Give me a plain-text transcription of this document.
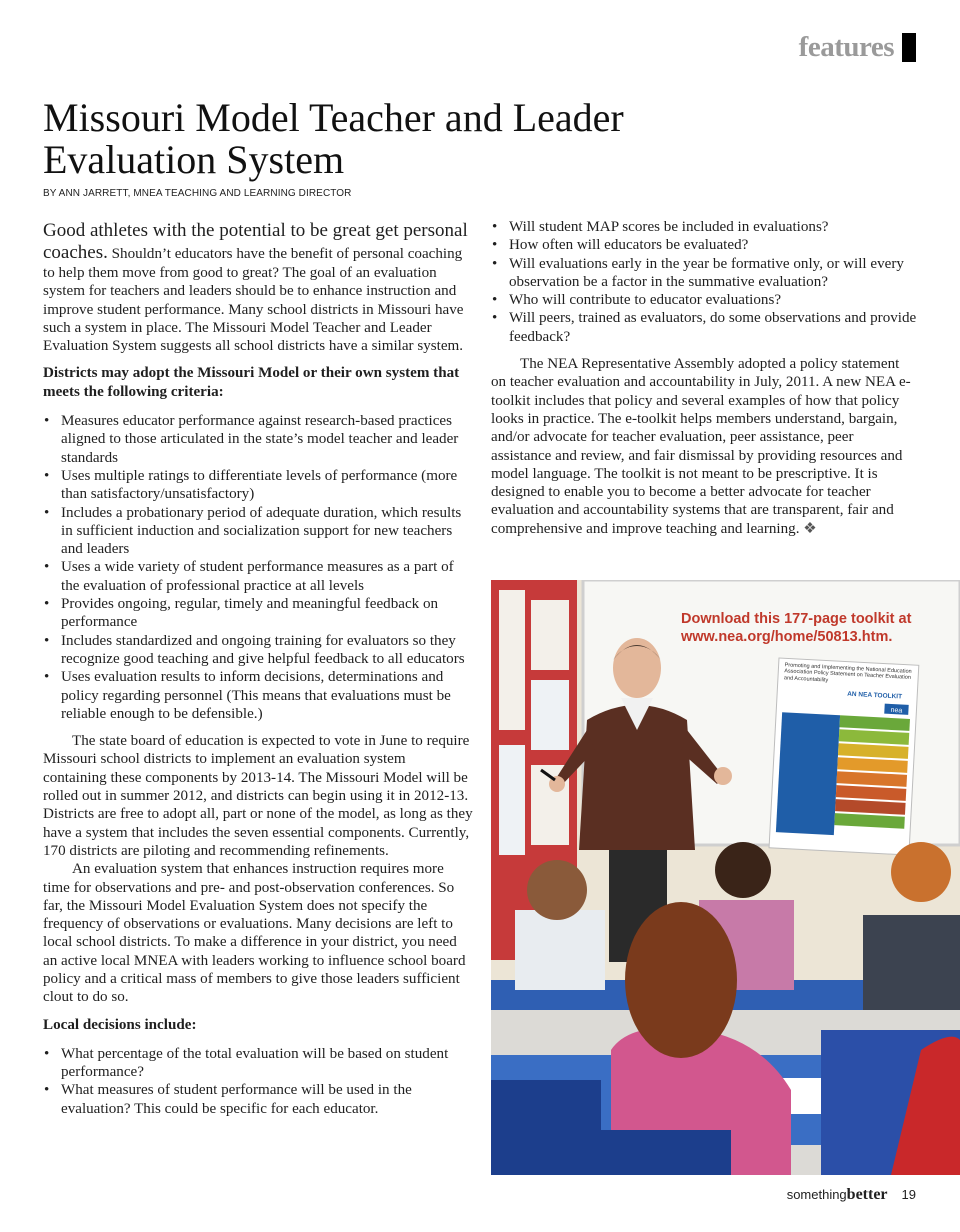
features
Missouri Model Teacher and Leader Evaluation System
BY ANN JARRETT, MNEA TEACHING AND LEARNING DIRECTOR

Good athletes with the potential to be great get personal coaches. Shouldn’t educators have the benefit of personal coaching to help them move from good to great? The goal of an evaluation system for teachers and leaders should be to enhance instruction and improve student performance. Many school districts in Missouri have such a system in place. The Missouri Model Teacher and Leader Evaluation System suggests all school districts have a similar system.

Districts may adopt the Missouri Model or their own system that meets the following criteria:

• Measures educator performance against research-based practices aligned to those articulated in the state’s model teacher and leader standards
• Uses multiple ratings to differentiate levels of performance (more than satisfactory/unsatisfactory)
• Includes a probationary period of adequate duration, which results in sufficient induction and socialization support for new teachers and leaders
• Uses a wide variety of student performance measures as a part of the evaluation of professional practice at all levels
• Provides ongoing, regular, timely and meaningful feedback on performance
• Includes standardized and ongoing training for evaluators so they recognize good teaching and give helpful feedback to all educators
• Uses evaluation results to inform decisions, determinations and policy regarding personnel (This means that evaluations must be reliable enough to be defensible.)

The state board of education is expected to vote in June to require Missouri school districts to implement an evaluation system containing these components by 2013-14. The Missouri Model will be rolled out in summer 2012, and districts can begin using it in 2012-13. Districts are free to adopt all, part or none of the model, as long as they have a system that includes the seven essential components. Currently, 170 districts are piloting and recommending refinements.

An evaluation system that enhances instruction requires more time for observations and pre- and post-observation conferences. So far, the Missouri Model Evaluation System does not specify the frequency of observations or evaluations. Many decisions are left to local school districts. To make a difference in your district, you need an active local MNEA with leaders working to influence school board policy and a critical mass of members to give those leaders sufficient clout to do so.

Local decisions include:

• What percentage of the total evaluation will be based on student performance?
• What measures of student performance will be used in the evaluation? This could be specific for each educator.
• Will student MAP scores be included in evaluations?
• How often will educators be evaluated?
• Will evaluations early in the year be formative only, or will every observation be a factor in the summative evaluation?
• Who will contribute to educator evaluations?
• Will peers, trained as evaluators, do some observations and provide feedback?

The NEA Representative Assembly adopted a policy statement on teacher evaluation and accountability in July, 2011. A new NEA e-toolkit includes that policy and several examples of how that policy looks in practice. The e-toolkit helps members understand, bargain, and/or advocate for teacher evaluation, peer assistance, peer assistance and review, and fair dismissal by providing resources and model language. The toolkit is not meant to be prescriptive. It is designed to enable you to become a better advocate for teacher evaluation and accountability systems that are transparent, fair and comprehensive and improve teaching and learning. ❖

nea
AN NEA TOOLKIT
Promoting and Implementing the National Education Association Policy Statement on Teacher Evaluation and Accountability
Download this 177-page toolkit at www.nea.org/home/50813.htm.
something better 19
